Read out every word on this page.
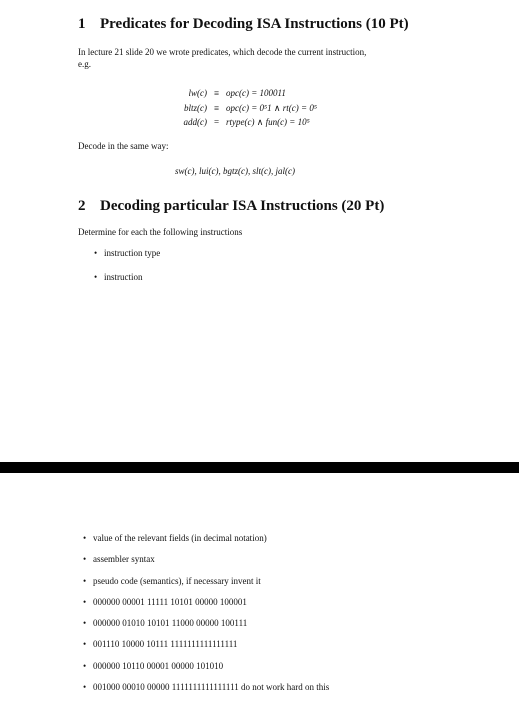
1 Predicates for Decoding ISA Instructions (10 Pt)
In lecture 21 slide 20 we wrote predicates, which decode the current instruction,
e.g.
lw(c) ≡ opc(c) = 100011
bltz(c) ≡ opc(c) = 0⁵1 ∧ rt(c) = 0⁵
add(c) = rtype(c) ∧ fun(c) = 10⁵
Decode in the same way:
sw(c), lui(c), bgtz(c), slt(c), jal(c)
2 Decoding particular ISA Instructions (20 Pt)
Determine for each the following instructions
• instruction type
• instruction
• value of the relevant fields (in decimal notation)
• assembler syntax
• pseudo code (semantics), if necessary invent it
• 000000 00001 11111 10101 00000 100001
• 000000 01010 10101 11000 00000 100111
• 001110 10000 10111 1111111111111111
• 000000 10110 00001 00000 101010
• 001000 00010 00000 1111111111111111 do not work hard on this
